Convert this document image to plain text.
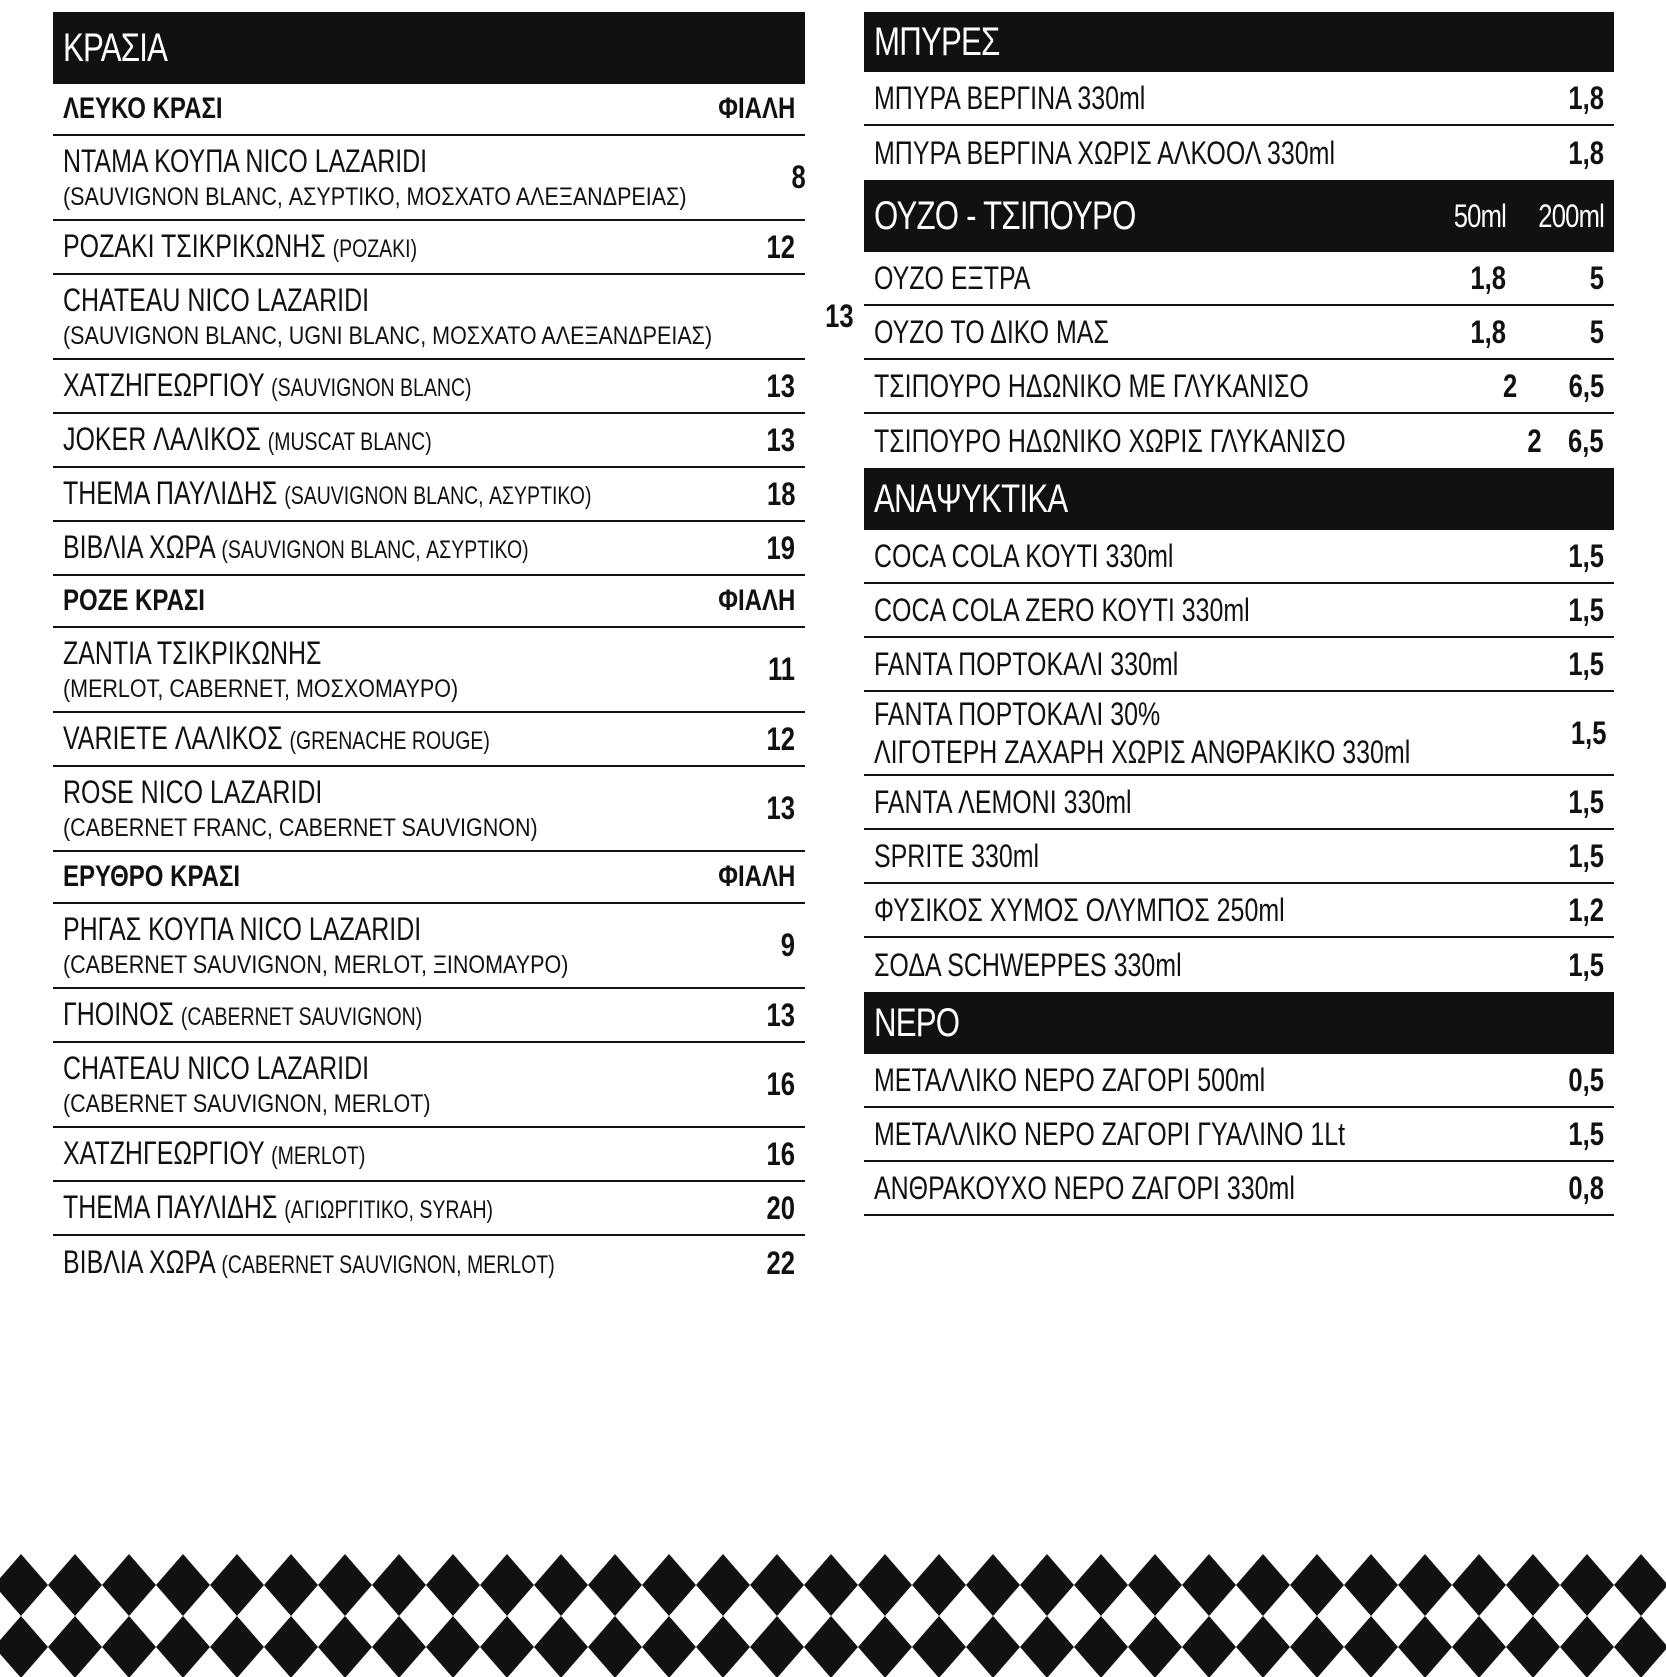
ΚΡΑΣΙΑ
ΛΕΥΚΟ ΚΡΑΣΙ	ΦΙΑΛΗ
ΝΤΑΜΑ ΚΟΥΠΑ NICO LAZARIDI
(SAUVIGNON BLANC, ΑΣΥΡΤΙΚΟ, ΜΟΣΧΑΤΟ ΑΛΕΞΑΝΔΡΕΙΑΣ)
8
ΡΟΖΑΚΙ ΤΣΙΚΡΙΚΩΝΗΣ (ΡΟΖΑΚΙ)	12
CHATEAU NICO LAZARIDI
(SAUVIGNON BLANC, UGNI BLANC, ΜΟΣΧΑΤΟ ΑΛΕΞΑΝΔΡΕΙΑΣ)
13
ΧΑΤΖΗΓΕΩΡΓΙΟΥ (SAUVIGNON BLANC)	13
JOKER ΛΑΛΙΚΟΣ (MUSCAT BLANC)	13
THEMA ΠΑΥΛΙΔΗΣ (SAUVIGNON BLANC, ΑΣΥΡΤΙΚΟ)	18
ΒΙΒΛΙΑ ΧΩΡΑ (SAUVIGNON BLANC, ΑΣΥΡΤΙΚΟ)	19
ΡΟΖΕ ΚΡΑΣΙ	ΦΙΑΛΗ
ΖΑΝΤΙΑ ΤΣΙΚΡΙΚΩΝΗΣ
(MERLOT, CABERNET, ΜΟΣΧΟΜΑΥΡΟ)
11
VARIETE ΛΑΛΙΚΟΣ (GRENACHE ROUGE)	12
ROSE NICO LAZARIDI
(CABERNET FRANC, CABERNET SAUVIGNON)
13
ΕΡΥΘΡΟ ΚΡΑΣΙ	ΦΙΑΛΗ
ΡΗΓΑΣ ΚΟΥΠΑ NICO LAZARIDI
(CABERNET SAUVIGNON, MERLOT, ΞΙΝΟΜΑΥΡΟ)
9
ΓΗΟΙΝΟΣ (CABERNET SAUVIGNON)	13
CHATEAU NICO LAZARIDI
(CABERNET SAUVIGNON, MERLOT)
16
ΧΑΤΖΗΓΕΩΡΓΙΟΥ (MERLOT)	16
THEMA ΠΑΥΛΙΔΗΣ (ΑΓΙΩΡΓΙΤΙΚΟ, SYRAH)	20
ΒΙΒΛΙΑ ΧΩΡΑ (CABERNET SAUVIGNON, MERLOT)	22
ΜΠΥΡΕΣ
ΜΠΥΡΑ ΒΕΡΓΙΝΑ 330ml	1,8
ΜΠΥΡΑ ΒΕΡΓΙΝΑ ΧΩΡΙΣ ΑΛΚΟΟΛ 330ml	1,8
ΟΥΖΟ - ΤΣΙΠΟΥΡΟ	50ml	200ml
ΟΥΖΟ ΕΞΤΡΑ	1,8	5
ΟΥΖΟ ΤΟ ΔΙΚΟ ΜΑΣ	1,8	5
ΤΣΙΠΟΥΡΟ ΗΔΩΝΙΚΟ ΜΕ ΓΛΥΚΑΝΙΣΟ	2	6,5
ΤΣΙΠΟΥΡΟ ΗΔΩΝΙΚΟ ΧΩΡΙΣ ΓΛΥΚΑΝΙΣΟ	2 6,5
ΑΝΑΨΥΚΤΙΚΑ
COCA COLA ΚΟΥΤΙ 330ml	1,5
COCA COLA ZERO ΚΟΥΤΙ 330ml	1,5
FANTA ΠΟΡΤΟΚΑΛΙ 330ml	1,5
FANTA ΠΟΡΤΟΚΑΛΙ 30%
ΛΙΓΟΤΕΡΗ ΖΑΧΑΡΗ ΧΩΡΙΣ ΑΝΘΡΑΚΙΚΟ 330ml
1,5
FANTA ΛΕΜΟΝΙ 330ml	1,5
SPRITE 330ml	1,5
ΦΥΣΙΚΟΣ ΧΥΜΟΣ ΟΛΥΜΠΟΣ 250ml	1,2
ΣΟΔΑ SCHWEPPES 330ml	1,5
ΝΕΡΟ
ΜΕΤΑΛΛΙΚΟ ΝΕΡΟ ΖΑΓΟΡΙ 500ml	0,5
ΜΕΤΑΛΛΙΚΟ ΝΕΡΟ ΖΑΓΟΡΙ ΓΥΑΛΙΝΟ 1Lt	1,5
ΑΝΘΡΑΚΟΥΧΟ ΝΕΡΟ ΖΑΓΟΡΙ 330ml	0,8
